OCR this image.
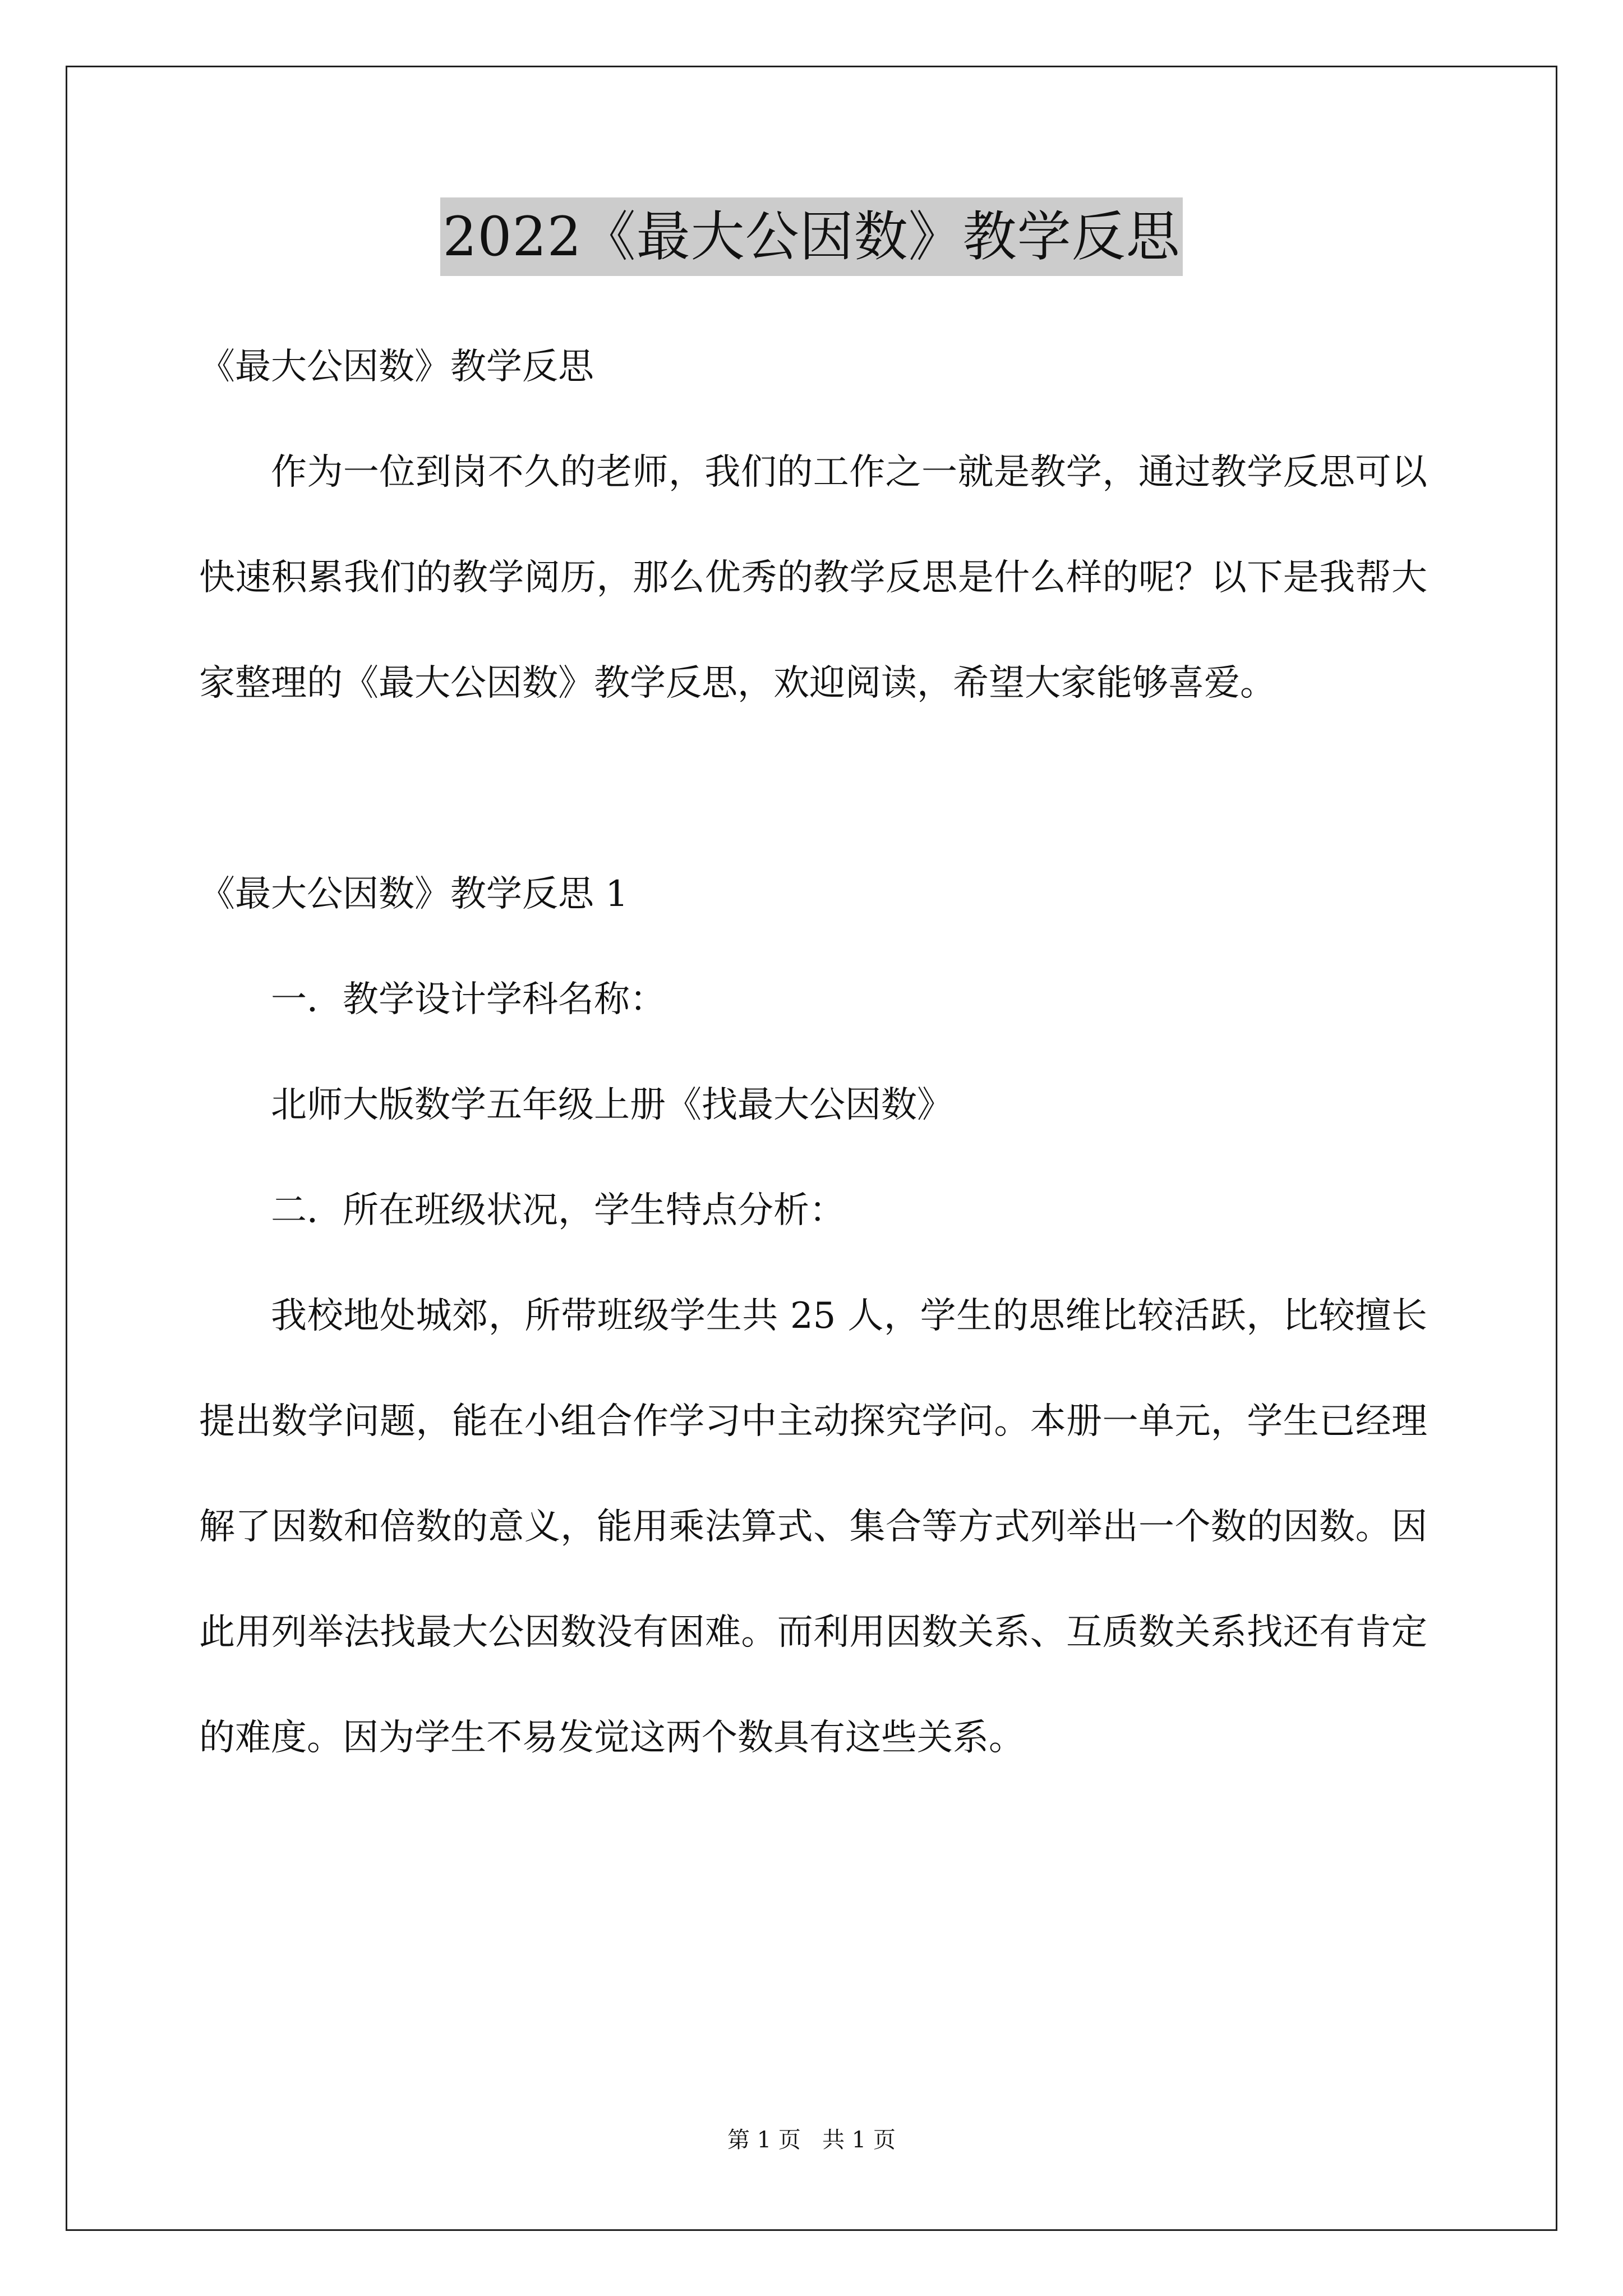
2022《最大公因数》教学反思

《最大公因数》教学反思

作为一位到岗不久的老师，我们的工作之一就是教学，通过教学反思可以快速积累我们的教学阅历，那么优秀的教学反思是什么样的呢？以下是我帮大家整理的《最大公因数》教学反思，欢迎阅读，希望大家能够喜爱。

《最大公因数》教学反思 1

一．教学设计学科名称：

北师大版数学五年级上册《找最大公因数》

二．所在班级状况，学生特点分析：

我校地处城郊，所带班级学生共 25 人，学生的思维比较活跃，比较擅长提出数学问题，能在小组合作学习中主动探究学问。本册一单元，学生已经理解了因数和倍数的意义，能用乘法算式、集合等方式列举出一个数的因数。因此用列举法找最大公因数没有困难。而利用因数关系、互质数关系找还有肯定的难度。因为学生不易发觉这两个数具有这些关系。

第 1 页 共 1 页
